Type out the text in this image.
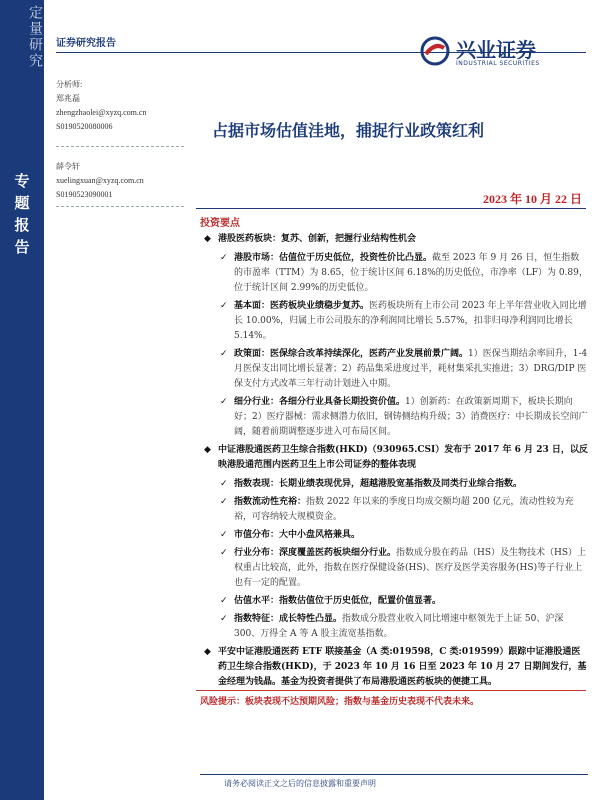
定量研究
专
题
报
告
证券研究报告	兴业证券
INDUSTRIAL SECURITIES
分析师:
郑兆磊
zhengzhaolei@xyzq.com.cn
S0190520080006
薛令轩
xuelingxuan@xyzq.com.cn
S0190523090001
占据市场估值洼地，捕捉行业政策红利
2023 年 10 月 22 日
投资要点
◆ 港股医药板块：复苏、创新，把握行业结构性机会
✓ 港股市场：估值位于历史低位，投资性价比凸显。截至 2023 年 9 月 26 日，恒生指数的市盈率（TTM）为 8.65，位于统计区间 6.18%的历史低位，市净率（LF）为 0.89，位于统计区间 2.99%的历史低位。
✓ 基本面：医药板块业绩稳步复苏。医药板块所有上市公司 2023 年上半年营业收入同比增长 10.00%，归属上市公司股东的净利润同比增长 5.57%，扣非归母净利润同比增长 5.14%。
✓ 政策面：医保综合改革持续深化，医药产业发展前景广阔。1）医保当期结余率回升，1-4 月医保支出同比增长显著；2）药品集采进度过半，耗材集采扎实推进；3）DRG/DIP 医保支付方式改革三年行动计划进入中期。
✓ 细分行业：各细分行业具备长期投资价值。1）创新药：在政策新周期下，板块长期向好；2）医疗器械：需求侧潜力依旧，钢铸侧结构升级；3）消费医疗：中长期成长空间广阔，随着前期调整逐步进入可布局区间。
◆ 中证港股通医药卫生综合指数(HKD)（930965.CSI）发布于 2017 年 6 月 23 日，以反映港股通范围内医药卫生上市公司证券的整体表现
✓ 指数表现：长期业绩表现优异，超越港股宽基指数及同类行业综合指数。
✓ 指数流动性充裕：指数 2022 年以来的季度日均成交额均超 200 亿元，流动性较为充裕，可容纳较大规模资金。
✓ 市值分布：大中小盘风格兼具。
✓ 行业分布：深度覆盖医药板块细分行业。指数成分股在药品（HS）及生物技术（HS）上权重占比较高，此外，指数在医疗保健设备(HS)、医疗及医学美容服务(HS)等子行业上也有一定的配置。
✓ 估值水平：指数估值位于历史低位，配置价值显著。
✓ 指数特征：成长特性凸显。指数成分股营业收入同比增速中枢领先于上证 50、沪深 300、万得全 A 等 A 股主流宽基指数。
◆ 平安中证港股通医药 ETF 联接基金（A 类:019598，C 类:019599）跟踪中证港股通医药卫生综合指数(HKD)，于 2023 年 10 月 16 日至 2023 年 10 月 27 日期间发行，基金经理为钱晶。基金为投资者提供了布局港股通医药板块的便捷工具。
风险提示：板块表现不达预期风险；指数与基金历史表现不代表未来。
请务必阅读正文之后的信息披露和重要声明
